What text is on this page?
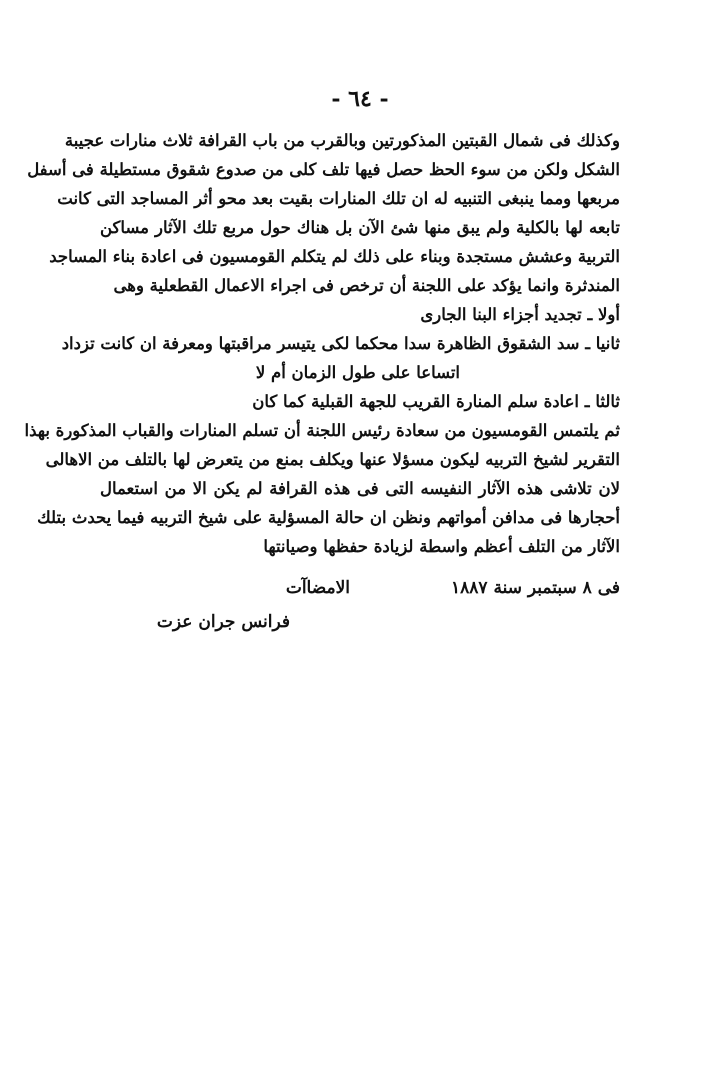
- ٦٤ -
وكذلك فى شمال القبتين المذكورتين وبالقرب من باب القرافة ثلاث منارات عجيبة
الشكل ولكن من سوء الحظ حصل فيها تلف كلى من صدوع شقوق مستطيلة فى أسفل
مربعها ومما ينبغى التنبيه له ان تلك المنارات بقيت بعد محو أثر المساجد التى كانت
تابعه لها بالكلية ولم يبق منها شئ الآن بل هناك حول مربع تلك الآثار مساكن
التربية وعشش مستجدة وبناء على ذلك لم يتكلم القومسيون فى اعادة بناء المساجد
المندثرة وانما يؤكد على اللجنة أن ترخص فى اجراء الاعمال القطعلية وهى
أولا ـ تجديد أجزاء البنا الجارى
ثانيا ـ سد الشقوق الظاهرة سدا محكما لكى يتيسر مراقبتها ومعرفة ان كانت تزداد
اتساعا على طول الزمان أم لا
ثالثا ـ اعادة سلم المنارة القريب للجهة القبلية كما كان
ثم يلتمس القومسيون من سعادة رئيس اللجنة أن تسلم المنارات والقباب المذكورة بهذا
التقرير لشيخ التربيه ليكون مسؤلا عنها ويكلف بمنع من يتعرض لها بالتلف من الاهالى
لان تلاشى هذه الآثار النفيسه التى فى هذه القرافة لم يكن الا من استعمال
أحجارها فى مدافن أمواتهم ونظن ان حالة المسؤلية على شيخ التربيه فيما يحدث بتلك
الآثار من التلف أعظم واسطة لزيادة حفظها وصيانتها
فى ٨ سبتمبر سنة ١٨٨٧
الامضاآت
فرانس جران عزت
